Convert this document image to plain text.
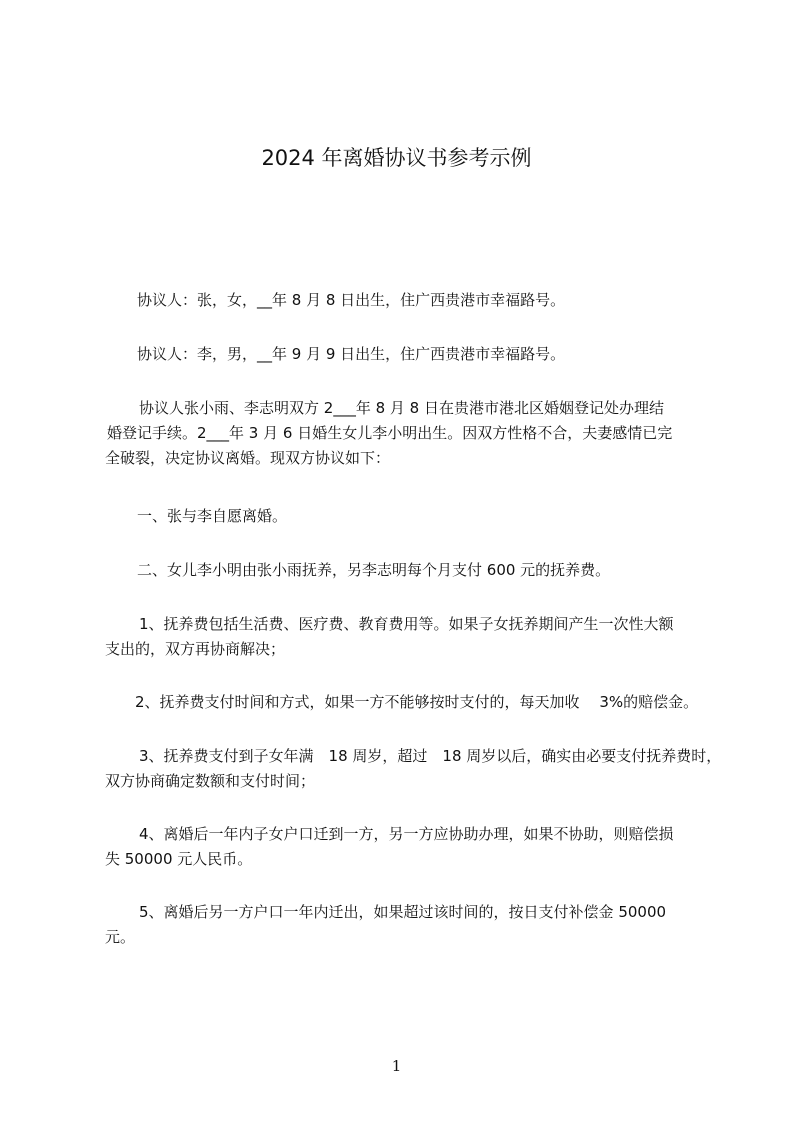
2024 年离婚协议书参考示例

协议人：张，女，__年 8 月 8 日出生，住广西贵港市幸福路号。

协议人：李，男，__年 9 月 9 日出生，住广西贵港市幸福路号。

协议人张小雨、李志明双方 2___年 8 月 8 日在贵港市港北区婚姻登记处办理结
婚登记手续。2___年 3 月 6 日婚生女儿李小明出生。因双方性格不合，夫妻感情已完
全破裂，决定协议离婚。现双方协议如下：

一、张与李自愿离婚。

二、女儿李小明由张小雨抚养，另李志明每个月支付 600 元的抚养费。

1、抚养费包括生活费、医疗费、教育费用等。如果子女抚养期间产生一次性大额
支出的，双方再协商解决；

2、抚养费支付时间和方式，如果一方不能够按时支付的，每天加收　 3%的赔偿金。

3、抚养费支付到子女年满　18 周岁，超过　18 周岁以后，确实由必要支付抚养费时，
双方协商确定数额和支付时间；

4、离婚后一年内子女户口迁到一方，另一方应协助办理，如果不协助，则赔偿损
失 50000 元人民币。

5、离婚后另一方户口一年内迁出，如果超过该时间的，按日支付补偿金 50000
元。

1
